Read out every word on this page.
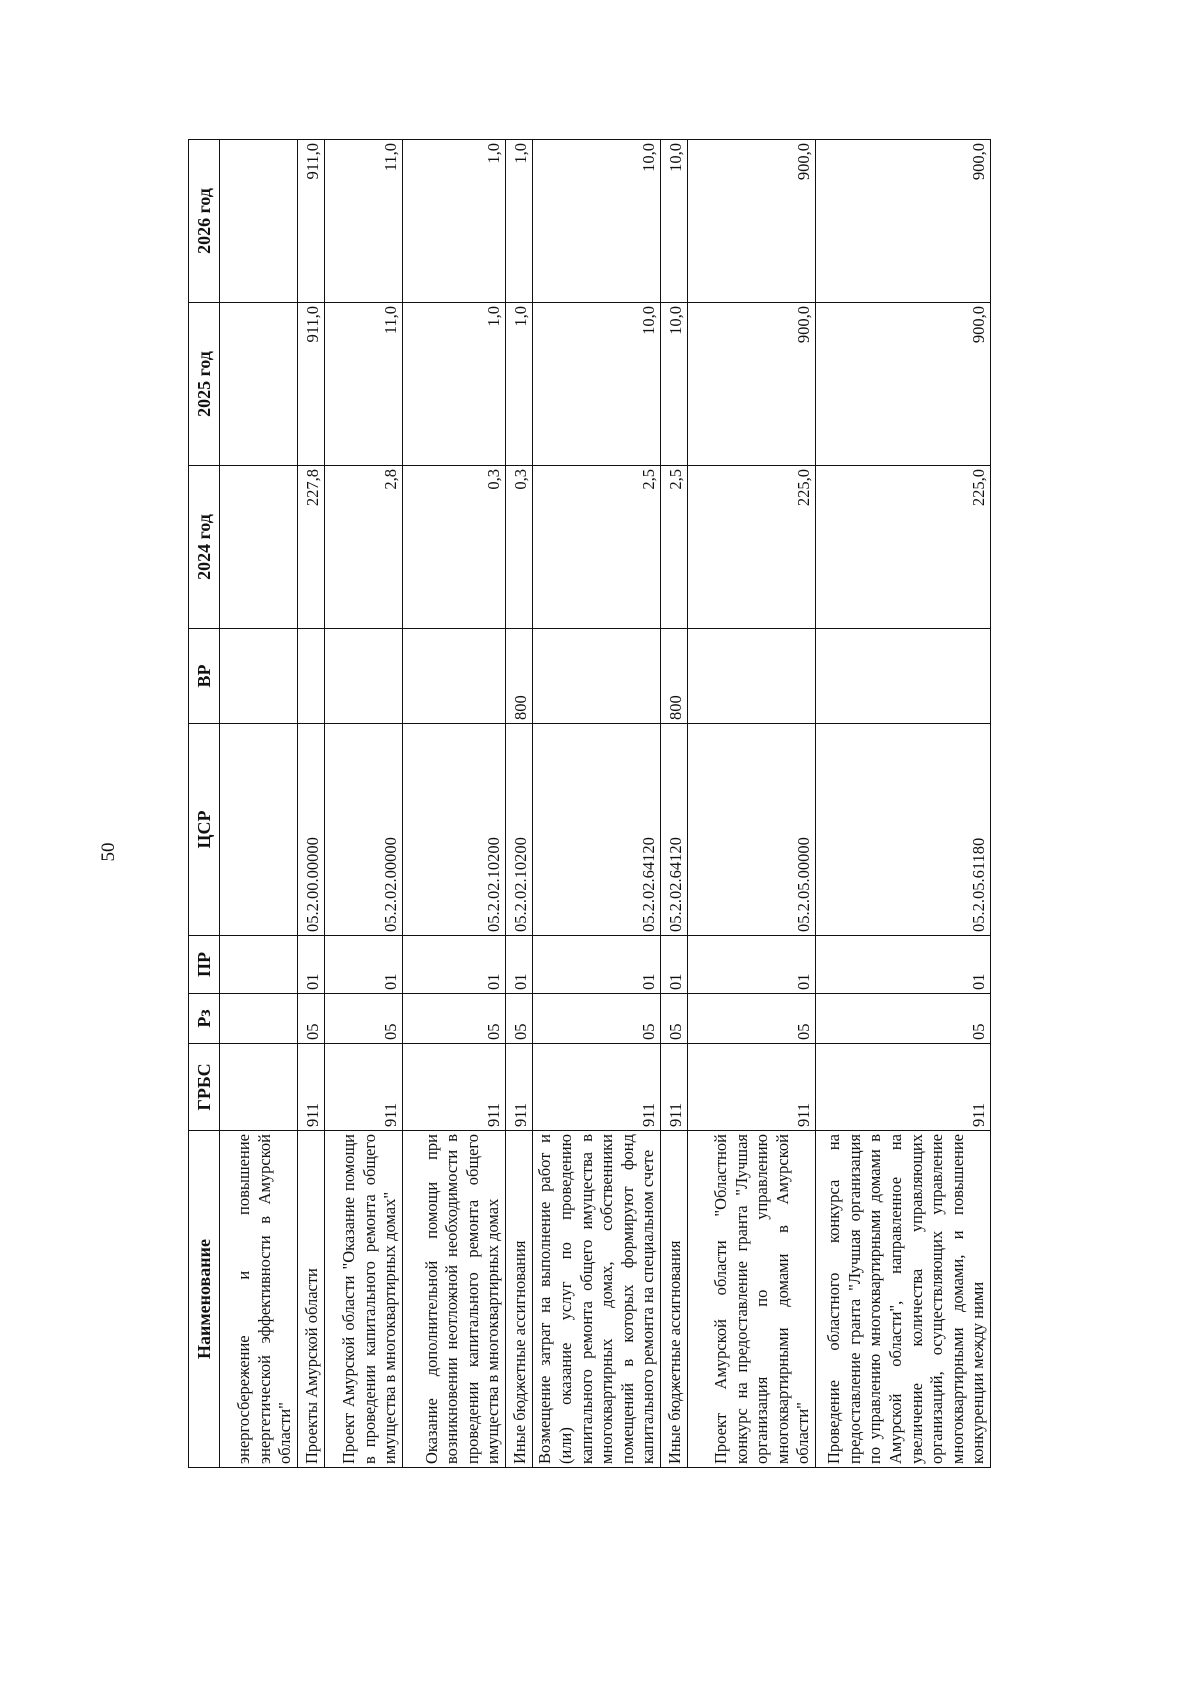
50
Наименование	ГРБС	Рз	ПР	ЦСР	ВР	2024 год	2025 год	2026 год
энергосбережение и повышение энергетической эффективности в Амурской области"								
Проекты Амурской области	911	05	01	05.2.00.00000		227,8	911,0	911,0
Проект Амурской области "Оказание помощи в проведении капитального ремонта общего имущества в многоквартирных домах"	911	05	01	05.2.02.00000		2,8	11,0	11,0
Оказание дополнительной помощи при возникновении неотложной необходимости в проведении капитального ремонта общего имущества в многоквартирных домах	911	05	01	05.2.02.10200		0,3	1,0	1,0
Иные бюджетные ассигнования	911	05	01	05.2.02.10200	800	0,3	1,0	1,0
Возмещение затрат на выполнение работ и (или) оказание услуг по проведению капитального ремонта общего имущества в многоквартирных домах, собственники помещений в которых формируют фонд капитального ремонта на специальном счете	911	05	01	05.2.02.64120		2,5	10,0	10,0
Иные бюджетные ассигнования	911	05	01	05.2.02.64120	800	2,5	10,0	10,0
Проект Амурской области "Областной конкурс на предоставление гранта "Лучшая организация по управлению многоквартирными домами в Амурской области"	911	05	01	05.2.05.00000		225,0	900,0	900,0
Проведение областного конкурса на предоставление гранта "Лучшая организация по управлению многоквартирными домами в Амурской области", направленное на увеличение количества управляющих организаций, осуществляющих управление многоквартирными домами, и повышение конкуренции между ними	911	05	01	05.2.05.61180		225,0	900,0	900,0
